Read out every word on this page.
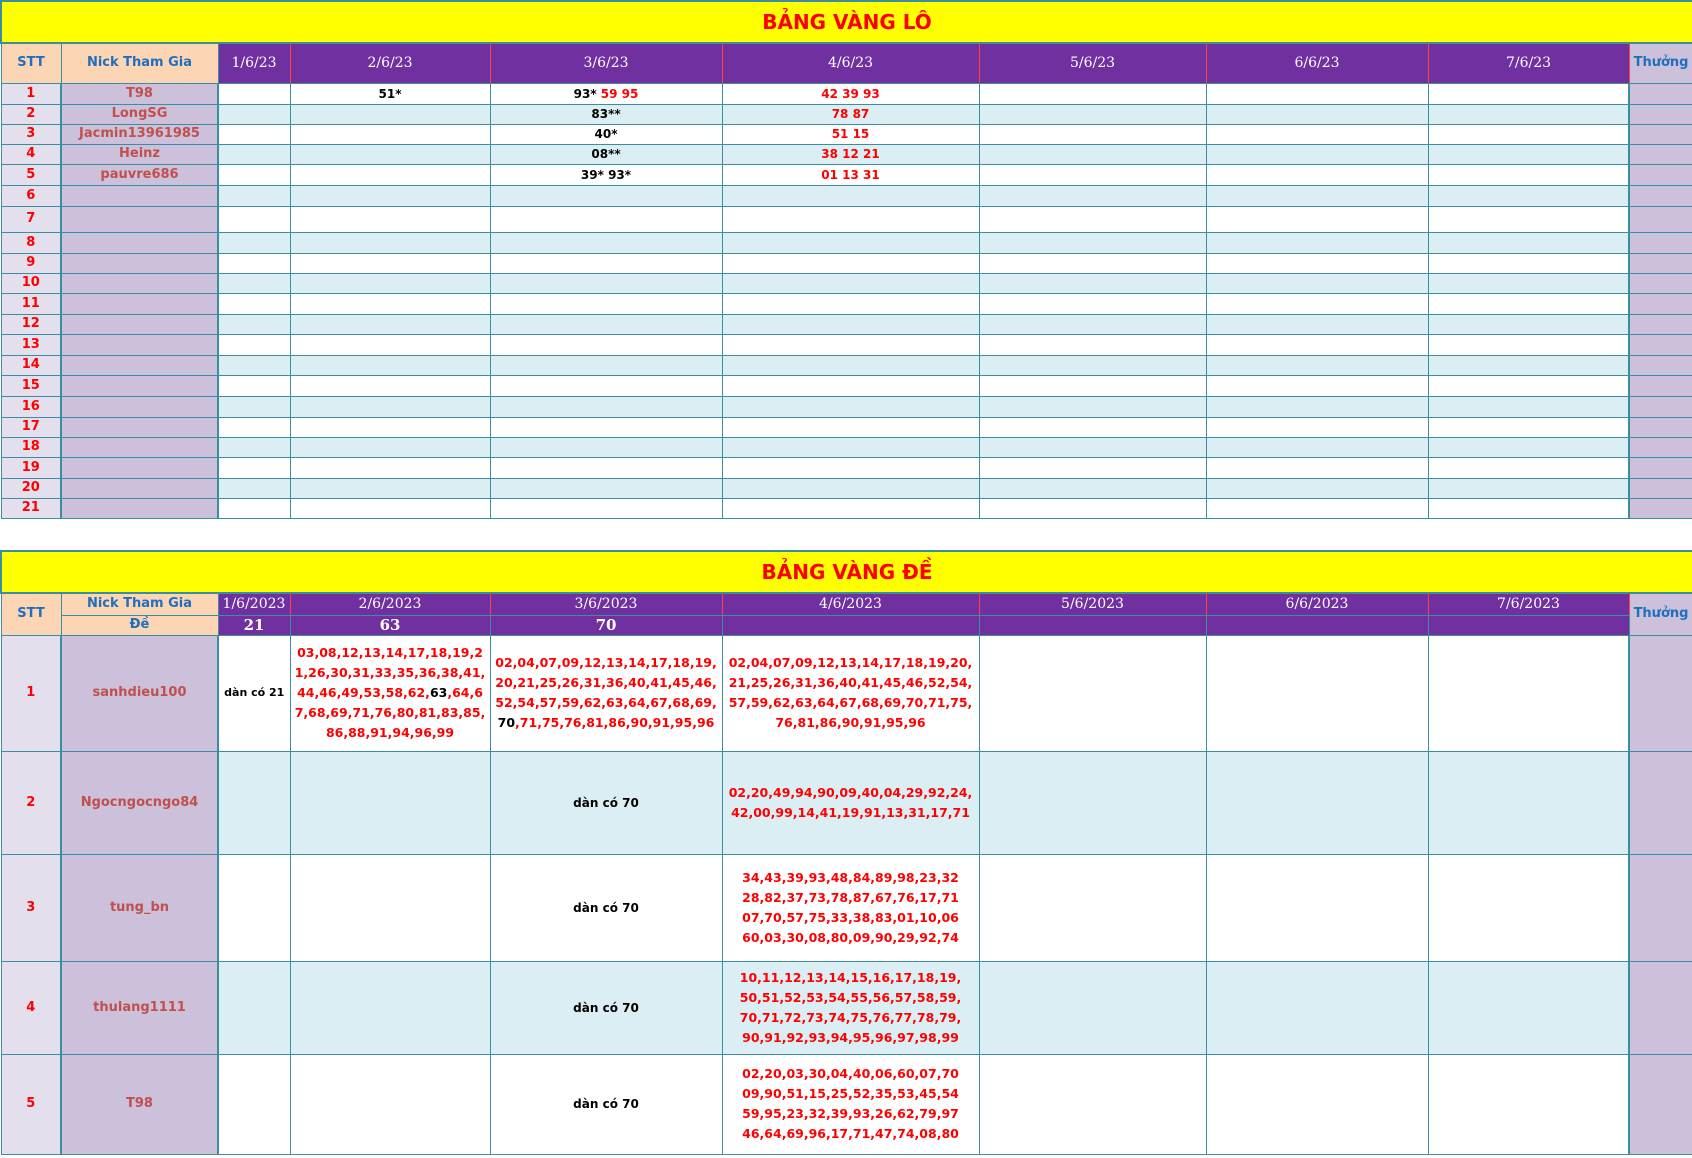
BẢNG VÀNG LÔ									
STT	Nick Tham Gia	1/6/23	2/6/23	3/6/23	4/6/23	5/6/23	6/6/23	7/6/23	Thưởng
1	T98		51*	93* 59 95	42 39 93				
2	LongSG			83**	78 87				
3	Jacmin13961985			40*	51 15				
4	Heinz			08**	38 12 21				
5	pauvre686			39* 93*	01 13 31				
6									
7									
8									
9									
10									
11									
12									
13									
14									
15									
16									
17									
18									
19									
20									
21									
BẢNG VÀNG ĐỀ									
STT	Nick Tham Gia	1/6/2023	2/6/2023	3/6/2023	4/6/2023	5/6/2023	6/6/2023	7/6/2023	Thưởng
	Đề	21	63	70					
1	sanhdieu100	dàn có 21	03,08,12,13,14,17,18,19,21,26,30,31,33,35,36,38,41,44,46,49,53,58,62,63,64,67,68,69,71,76,80,81,83,85,86,88,91,94,96,99	02,04,07,09,12,13,14,17,18,19,20,21,25,26,31,36,40,41,45,46,52,54,57,59,62,63,64,67,68,69,70,71,75,76,81,86,90,91,95,96	02,04,07,09,12,13,14,17,18,19,20,21,25,26,31,36,40,41,45,46,52,54,57,59,62,63,64,67,68,69,70,71,75,76,81,86,90,91,95,96				
2	Ngocngocngo84			dàn có 70	02,20,49,94,90,09,40,04,29,92,24,42,00,99,14,41,19,91,13,31,17,71				
3	tung_bn			dàn có 70	34,43,39,93,48,84,89,98,23,32
28,82,37,73,78,87,67,76,17,71
07,70,57,75,33,38,83,01,10,06
60,03,30,08,80,09,90,29,92,74				

4	thulang1111			dàn có 70	10,11,12,13,14,15,16,17,18,19,
50,51,52,53,54,55,56,57,58,59,
70,71,72,73,74,75,76,77,78,79,
90,91,92,93,94,95,96,97,98,99				

5	T98			dàn có 70	02,20,03,30,04,40,06,60,07,70
09,90,51,15,25,52,35,53,45,54
59,95,23,32,39,93,26,62,79,97
46,64,69,96,17,71,47,74,08,80				
